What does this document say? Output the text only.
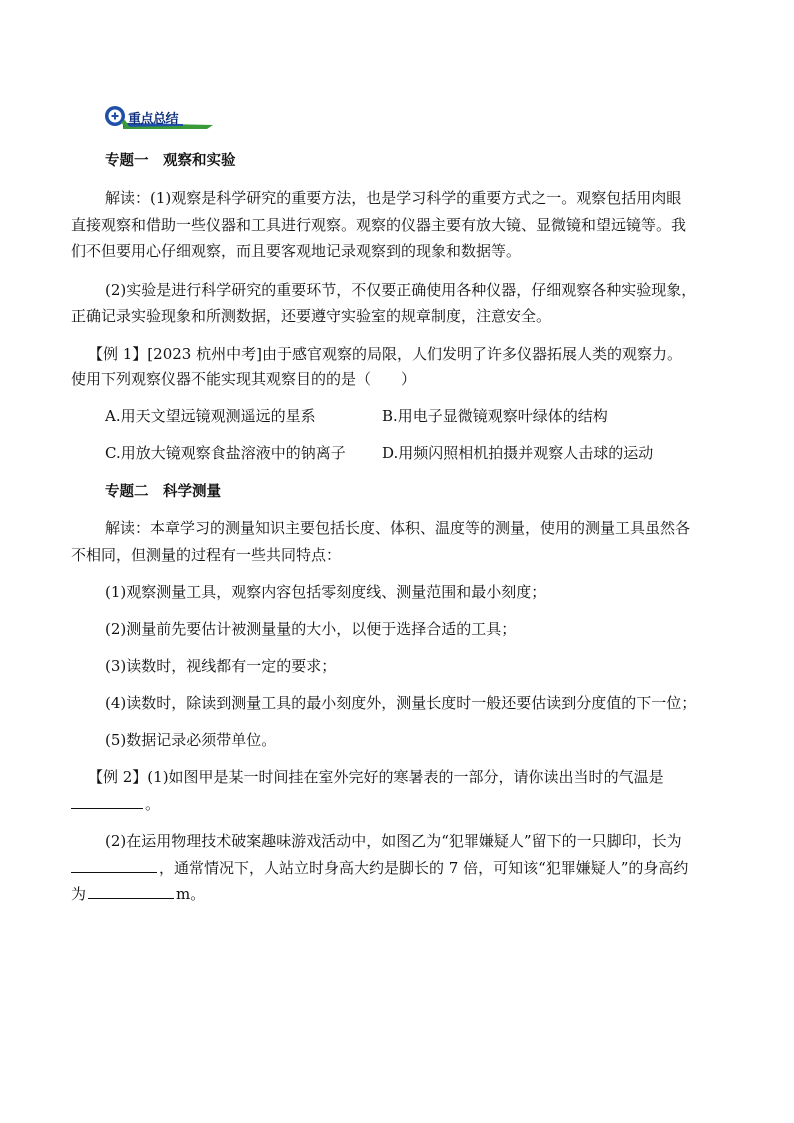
重点总结
专题一　观察和实验
解读：(1)观察是科学研究的重要方法，也是学习科学的重要方式之一。观察包括用肉眼
直接观察和借助一些仪器和工具进行观察。观察的仪器主要有放大镜、显微镜和望远镜等。我
们不但要用心仔细观察，而且要客观地记录观察到的现象和数据等。
(2)实验是进行科学研究的重要环节，不仅要正确使用各种仪器，仔细观察各种实验现象，
正确记录实验现象和所测数据，还要遵守实验室的规章制度，注意安全。
【例 1】[2023 杭州中考]由于感官观察的局限，人们发明了许多仪器拓展人类的观察力。
使用下列观察仪器不能实现其观察目的的是（　　）
A.用天文望远镜观测遥远的星系	B.用电子显微镜观察叶绿体的结构
C.用放大镜观察食盐溶液中的钠离子 D.用频闪照相机拍摄并观察人击球的运动
专题二　科学测量
解读：本章学习的测量知识主要包括长度、体积、温度等的测量，使用的测量工具虽然各
不相同，但测量的过程有一些共同特点：
(1)观察测量工具，观察内容包括零刻度线、测量范围和最小刻度；
(2)测量前先要估计被测量量的大小，以便于选择合适的工具；
(3)读数时，视线都有一定的要求；
(4)读数时，除读到测量工具的最小刻度外，测量长度时一般还要估读到分度值的下一位；
(5)数据记录必须带单位。
【例 2】(1)如图甲是某一时间挂在室外完好的寒暑表的一部分，请你读出当时的气温是
。
(2)在运用物理技术破案趣味游戏活动中，如图乙为“犯罪嫌疑人”留下的一只脚印，长为
，通常情况下，人站立时身高大约是脚长的 7 倍，可知该“犯罪嫌疑人”的身高约
为	m。
